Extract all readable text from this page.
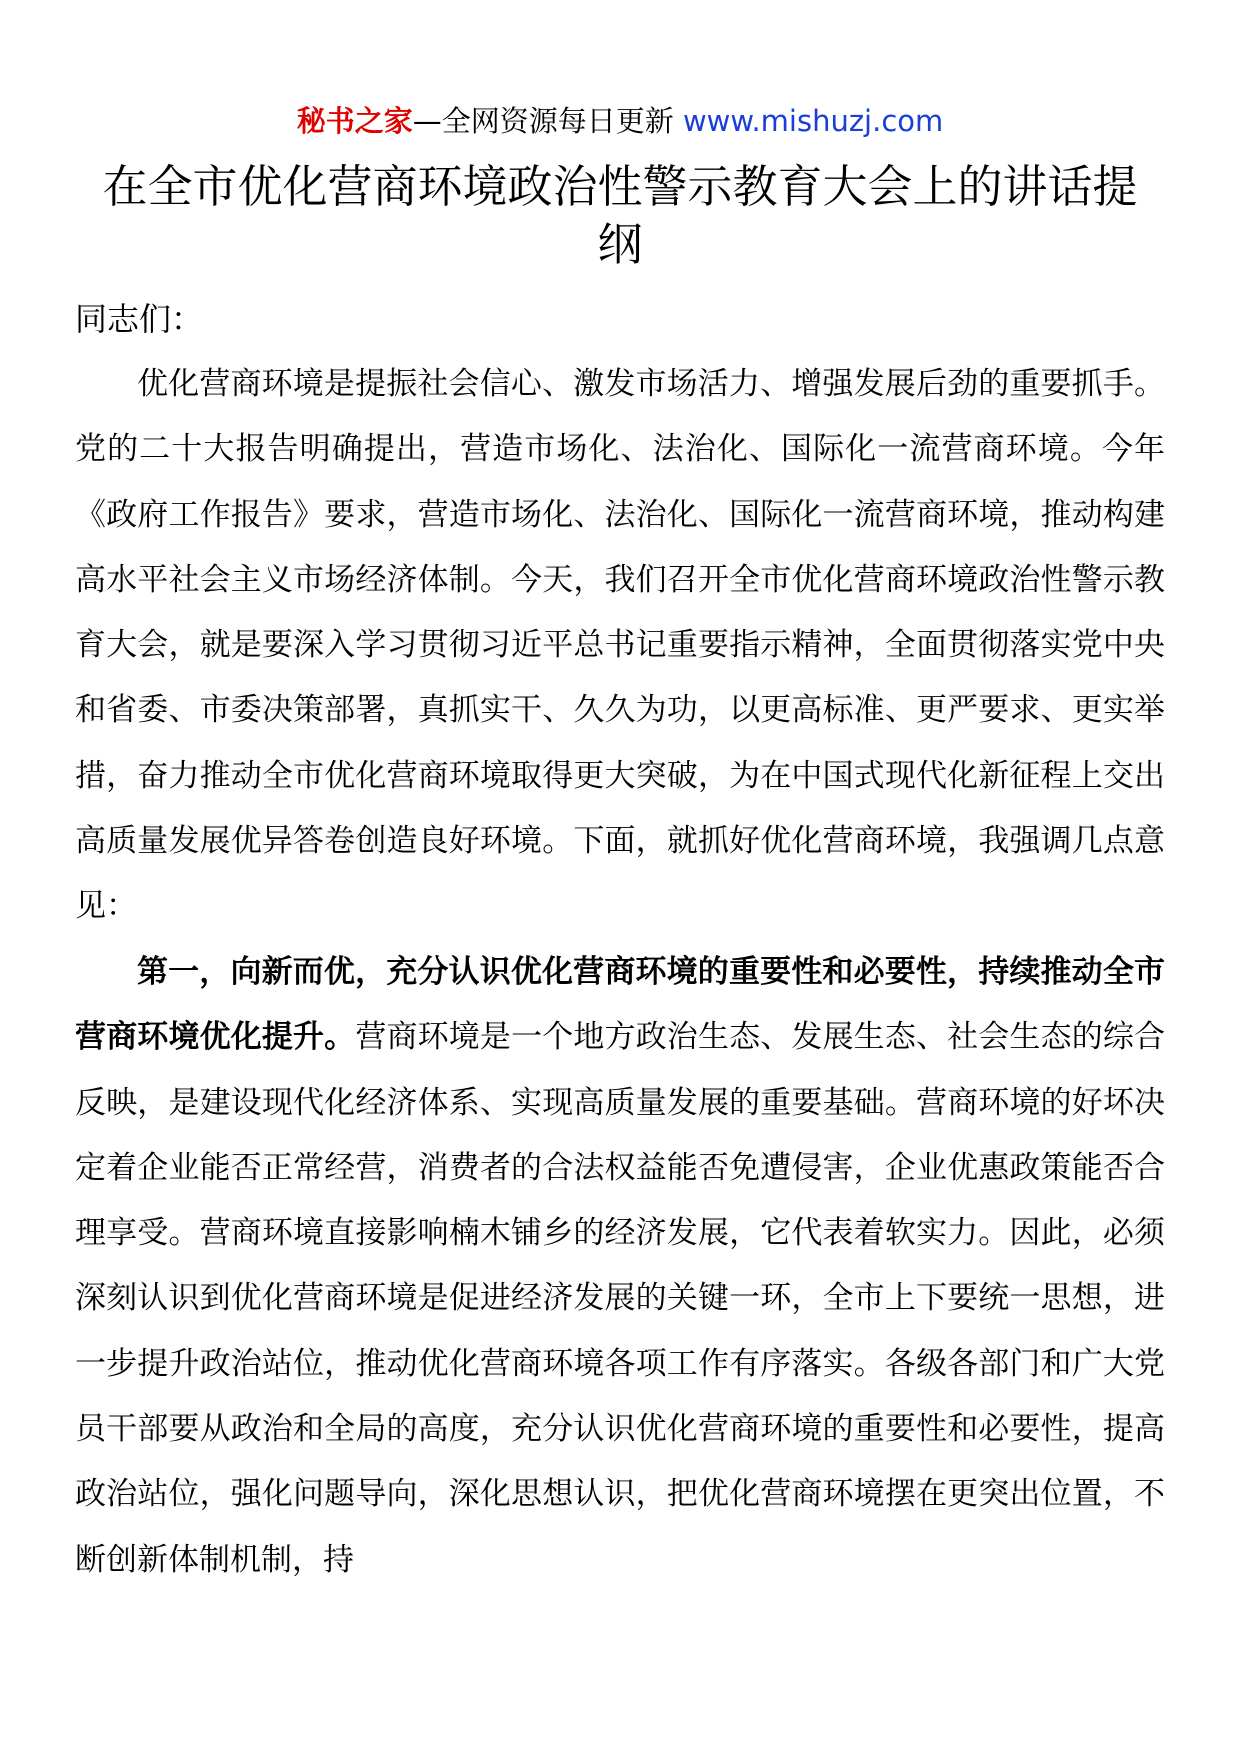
秘书之家—全网资源每日更新 www.mishuzj.com
在全市优化营商环境政治性警示教育大会上的讲话提纲

同志们：

优化营商环境是提振社会信心、激发市场活力、增强发展后劲的重要抓手。党的二十大报告明确提出，营造市场化、法治化、国际化一流营商环境。今年《政府工作报告》要求，营造市场化、法治化、国际化一流营商环境，推动构建高水平社会主义市场经济体制。今天，我们召开全市优化营商环境政治性警示教育大会，就是要深入学习贯彻习近平总书记重要指示精神，全面贯彻落实党中央和省委、市委决策部署，真抓实干、久久为功，以更高标准、更严要求、更实举措，奋力推动全市优化营商环境取得更大突破，为在中国式现代化新征程上交出高质量发展优异答卷创造良好环境。下面，就抓好优化营商环境，我强调几点意见：

第一，向新而优，充分认识优化营商环境的重要性和必要性，持续推动全市营商环境优化提升。营商环境是一个地方政治生态、发展生态、社会生态的综合反映，是建设现代化经济体系、实现高质量发展的重要基础。营商环境的好坏决定着企业能否正常经营，消费者的合法权益能否免遭侵害，企业优惠政策能否合理享受。营商环境直接影响楠木铺乡的经济发展，它代表着软实力。因此，必须深刻认识到优化营商环境是促进经济发展的关键一环，全市上下要统一思想，进一步提升政治站位，推动优化营商环境各项工作有序落实。各级各部门和广大党员干部要从政治和全局的高度，充分认识优化营商环境的重要性和必要性，提高政治站位，强化问题导向，深化思想认识，把优化营商环境摆在更突出位置，不断创新体制机制，持
